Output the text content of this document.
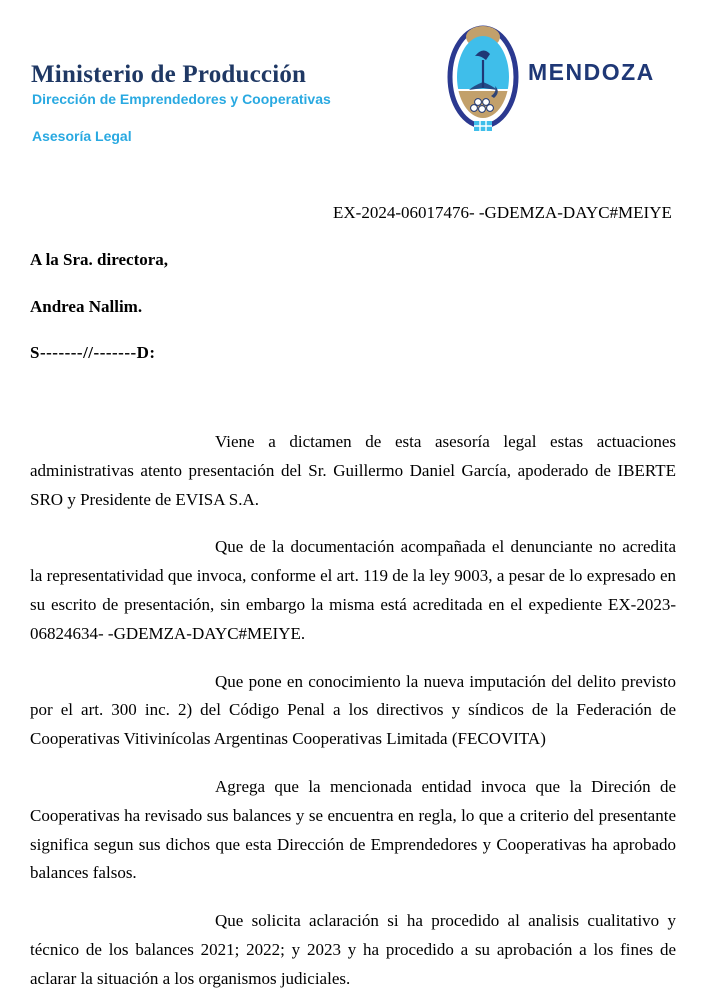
Ministerio de Producción
Dirección de Emprendedores y Cooperativas
Asesoría Legal
MENDOZA
EX-2024-06017476- -GDEMZA-DAYC#MEIYE
A la Sra. directora,
Andrea Nallim.
S-------//-------D:

Viene a dictamen de esta asesoría legal estas actuaciones administrativas atento presentación del Sr. Guillermo Daniel García, apoderado de IBERTE SRO y Presidente de EVISA S.A.

Que de la documentación acompañada el denunciante no acredita la representatividad que invoca, conforme el art. 119 de la ley 9003, a pesar de lo expresado en su escrito de presentación, sin embargo la misma está acreditada en el expediente EX-2023-06824634- -GDEMZA-DAYC#MEIYE.

Que pone en conocimiento la nueva imputación del delito previsto por el art. 300 inc. 2) del Código Penal a los directivos y síndicos de la Federación de Cooperativas Vitivinícolas Argentinas Cooperativas Limitada (FECOVITA)

Agrega que la mencionada entidad invoca que la Direción de Cooperativas ha revisado sus balances y se encuentra en regla, lo que a criterio del presentante significa segun sus dichos que esta Dirección de Emprendedores y Cooperativas ha aprobado balances falsos.

Que solicita aclaración si ha procedido al analisis cualitativo y técnico de los balances 2021; 2022; y 2023 y ha procedido a su aprobación a los fines de aclarar la situación a los organismos judiciales.
